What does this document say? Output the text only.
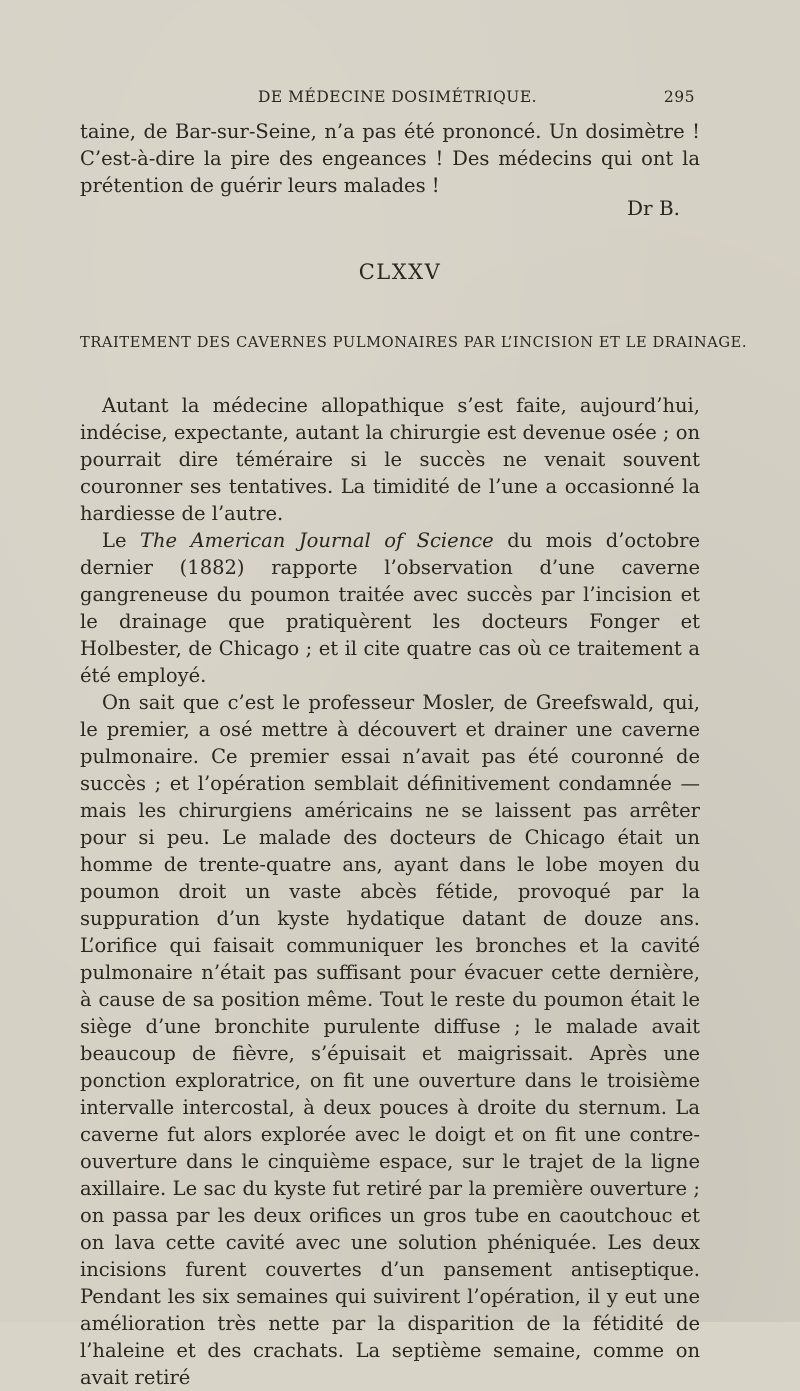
DE MÉDECINE DOSIMÉTRIQUE.	295

taine, de Bar-sur-Seine, n’a pas été prononcé. Un dosimètre ! C’est-à-dire la pire des engeances ! Des médecins qui ont la prétention de guérir leurs malades !

Dr B.
CLXXV
TRAITEMENT DES CAVERNES PULMONAIRES PAR L’INCISION ET LE DRAINAGE.

Autant la médecine allopathique s’est faite, aujourd’hui, indécise, expectante, autant la chirurgie est devenue osée ; on pourrait dire téméraire si le succès ne venait souvent couronner ses tentatives. La timidité de l’une a occasionné la hardiesse de l’autre.

Le The American Journal of Science du mois d’octobre dernier (1882) rapporte l’observation d’une caverne gangreneuse du poumon traitée avec succès par l’incision et le drainage que pratiquèrent les docteurs Fonger et Holbester, de Chicago ; et il cite quatre cas où ce traitement a été employé.

On sait que c’est le professeur Mosler, de Greefswald, qui, le premier, a osé mettre à découvert et drainer une caverne pulmonaire. Ce premier essai n’avait pas été couronné de succès ; et l’opération semblait définitivement condamnée — mais les chirurgiens américains ne se laissent pas arrêter pour si peu. Le malade des docteurs de Chicago était un homme de trente-quatre ans, ayant dans le lobe moyen du poumon droit un vaste abcès fétide, provoqué par la suppuration d’un kyste hydatique datant de douze ans. L’orifice qui faisait communiquer les bronches et la cavité pulmonaire n’était pas suffisant pour évacuer cette dernière, à cause de sa position même. Tout le reste du poumon était le siège d’une bronchite purulente diffuse ; le malade avait beaucoup de fièvre, s’épuisait et maigrissait. Après une ponction exploratrice, on fit une ouverture dans le troisième intervalle intercostal, à deux pouces à droite du sternum. La caverne fut alors explorée avec le doigt et on fit une contre-ouverture dans le cinquième espace, sur le trajet de la ligne axillaire. Le sac du kyste fut retiré par la première ouverture ; on passa par les deux orifices un gros tube en caoutchouc et on lava cette cavité avec une solution phéniquée. Les deux incisions furent couvertes d’un pansement antiseptique. Pendant les six semaines qui suivirent l’opération, il y eut une amélioration très nette par la disparition de la fétidité de l’haleine et des crachats. La septième semaine, comme on avait retiré
